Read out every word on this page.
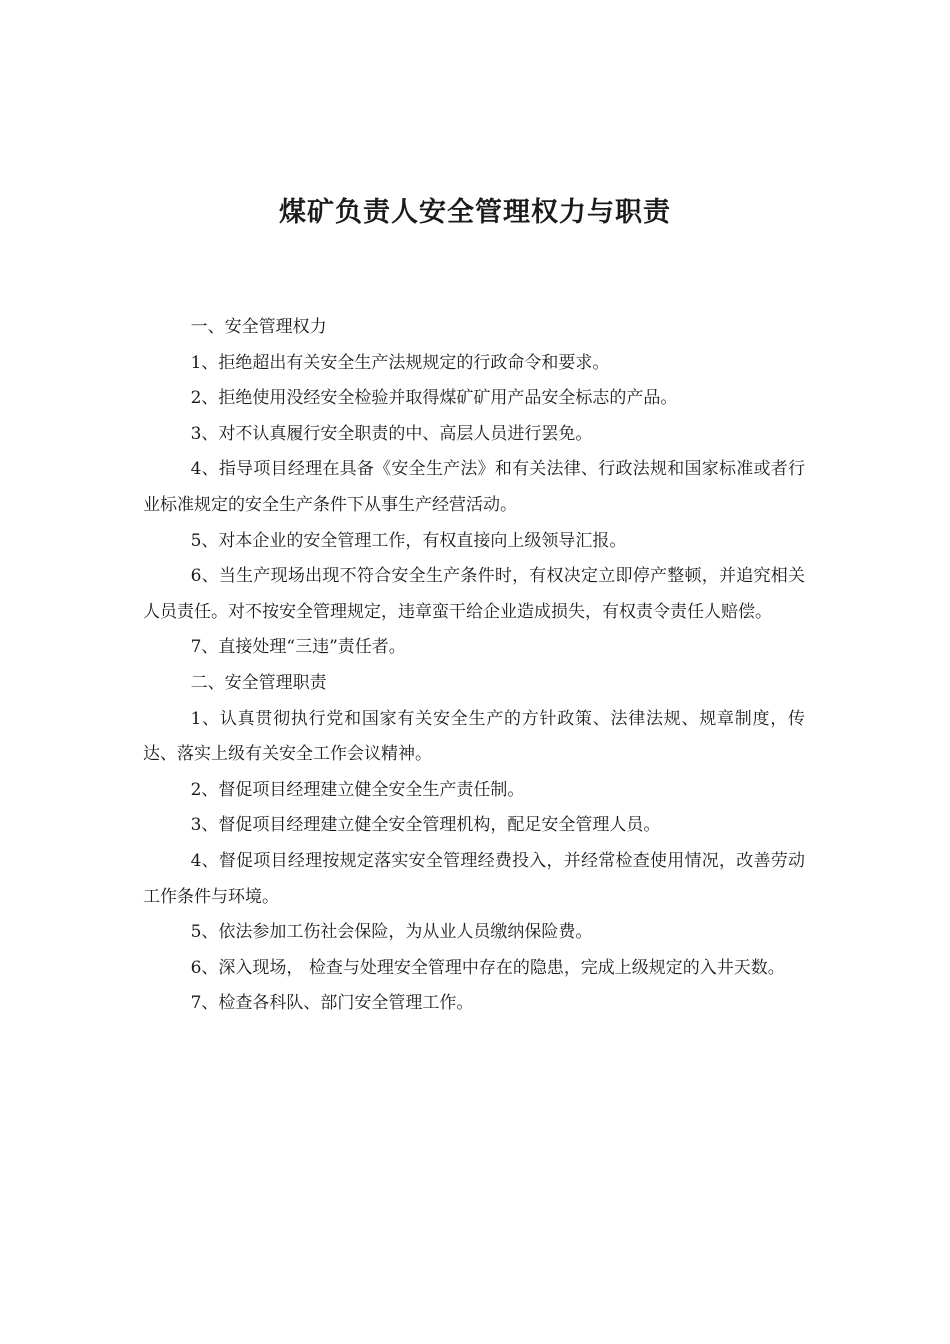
煤矿负责人安全管理权力与职责

一、安全管理权力

1、拒绝超出有关安全生产法规规定的行政命令和要求。

2、拒绝使用没经安全检验并取得煤矿矿用产品安全标志的产品。

3、对不认真履行安全职责的中、高层人员进行罢免。

4、指导项目经理在具备《安全生产法》和有关法律、行政法规和国家标准或者行业标准规定的安全生产条件下从事生产经营活动。

5、对本企业的安全管理工作，有权直接向上级领导汇报。

6、当生产现场出现不符合安全生产条件时，有权决定立即停产整顿，并追究相关人员责任。对不按安全管理规定，违章蛮干给企业造成损失，有权责令责任人赔偿。

7、直接处理“三违”责任者。

二、安全管理职责

1、认真贯彻执行党和国家有关安全生产的方针政策、法律法规、规章制度，传达、落实上级有关安全工作会议精神。

2、督促项目经理建立健全安全生产责任制。

3、督促项目经理建立健全安全管理机构，配足安全管理人员。

4、督促项目经理按规定落实安全管理经费投入，并经常检查使用情况，改善劳动工作条件与环境。

5、依法参加工伤社会保险，为从业人员缴纳保险费。

6、深入现场， 检查与处理安全管理中存在的隐患，完成上级规定的入井天数。

7、检查各科队、部门安全管理工作。
